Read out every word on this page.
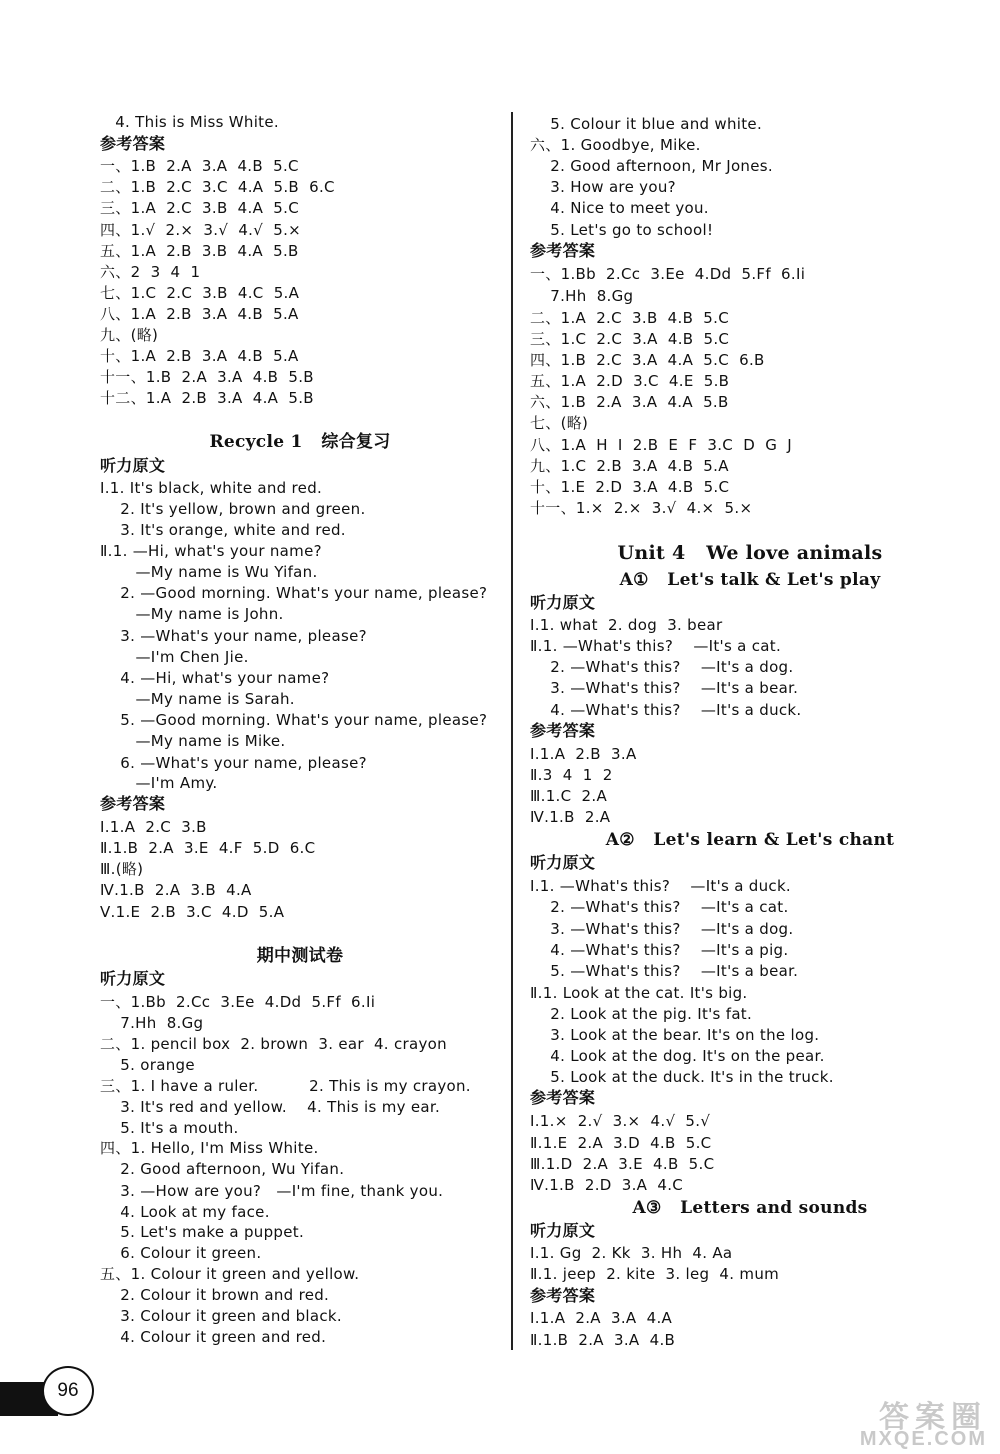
4. This is Miss White.
参考答案
一、1.B  2.A  3.A  4.B  5.C
二、1.B  2.C  3.C  4.A  5.B  6.C
三、1.A  2.C  3.B  4.A  5.C
四、1.√  2.×  3.√  4.√  5.×
五、1.A  2.B  3.B  4.A  5.B
六、2  3  4  1
七、1.C  2.C  3.B  4.C  5.A
八、1.A  2.B  3.A  4.B  5.A
九、(略)
十、1.A  2.B  3.A  4.B  5.A
十一、1.B  2.A  3.A  4.B  5.B
十二、1.A  2.B  3.A  4.A  5.B
Recycle 1   综合复习
听力原文
Ⅰ.1. It's black, white and red.
2. It's yellow, brown and green.
3. It's orange, white and red.
Ⅱ.1. —Hi, what's your name?
—My name is Wu Yifan.
2. —Good morning. What's your name, please?
—My name is John.
3. —What's your name, please?
—I'm Chen Jie.
4. —Hi, what's your name?
—My name is Sarah.
5. —Good morning. What's your name, please?
—My name is Mike.
6. —What's your name, please?
—I'm Amy.
参考答案
Ⅰ.1.A  2.C  3.B
Ⅱ.1.B  2.A  3.E  4.F  5.D  6.C
Ⅲ.(略)
Ⅳ.1.B  2.A  3.B  4.A
Ⅴ.1.E  2.B  3.C  4.D  5.A
期中测试卷
听力原文
一、1.Bb  2.Cc  3.Ee  4.Dd  5.Ff  6.Ii
7.Hh  8.Gg
二、1. pencil box  2. brown  3. ear  4. crayon
5. orange
三、1. I have a ruler.          2. This is my crayon.
3. It's red and yellow.    4. This is my ear.
5. It's a mouth.
四、1. Hello, I'm Miss White.
2. Good afternoon, Wu Yifan.
3. —How are you?   —I'm fine, thank you.
4. Look at my face.
5. Let's make a puppet.
6. Colour it green.
五、1. Colour it green and yellow.
2. Colour it brown and red.
3. Colour it green and black.
4. Colour it green and red.
5. Colour it blue and white.
六、1. Goodbye, Mike.
2. Good afternoon, Mr Jones.
3. How are you?
4. Nice to meet you.
5. Let's go to school!
参考答案
一、1.Bb  2.Cc  3.Ee  4.Dd  5.Ff  6.Ii
7.Hh  8.Gg
二、1.A  2.C  3.B  4.B  5.C
三、1.C  2.C  3.A  4.B  5.C
四、1.B  2.C  3.A  4.A  5.C  6.B
五、1.A  2.D  3.C  4.E  5.B
六、1.B  2.A  3.A  4.A  5.B
七、(略)
八、1.A  H  I  2.B  E  F  3.C  D  G  J
九、1.C  2.B  3.A  4.B  5.A
十、1.E  2.D  3.A  4.B  5.C
十一、1.×  2.×  3.√  4.×  5.×
Unit 4   We love animals
A①   Let's talk & Let's play
听力原文
Ⅰ.1. what  2. dog  3. bear
Ⅱ.1. —What's this?    —It's a cat.
2. —What's this?    —It's a dog.
3. —What's this?    —It's a bear.
4. —What's this?    —It's a duck.
参考答案
Ⅰ.1.A  2.B  3.A
Ⅱ.3  4  1  2
Ⅲ.1.C  2.A
Ⅳ.1.B  2.A
A②   Let's learn & Let's chant
听力原文
Ⅰ.1. —What's this?    —It's a duck.
2. —What's this?    —It's a cat.
3. —What's this?    —It's a dog.
4. —What's this?    —It's a pig.
5. —What's this?    —It's a bear.
Ⅱ.1. Look at the cat. It's big.
2. Look at the pig. It's fat.
3. Look at the bear. It's on the log.
4. Look at the dog. It's on the pear.
5. Look at the duck. It's in the truck.
参考答案
Ⅰ.1.×  2.√  3.×  4.√  5.√
Ⅱ.1.E  2.A  3.D  4.B  5.C
Ⅲ.1.D  2.A  3.E  4.B  5.C
Ⅳ.1.B  2.D  3.A  4.C
A③   Letters and sounds
听力原文
Ⅰ.1. Gg  2. Kk  3. Hh  4. Aa
Ⅱ.1. jeep  2. kite  3. leg  4. mum
参考答案
Ⅰ.1.A  2.A  3.A  4.A
Ⅱ.1.B  2.A  3.A  4.B
96
答案圈
MXQE.COM
